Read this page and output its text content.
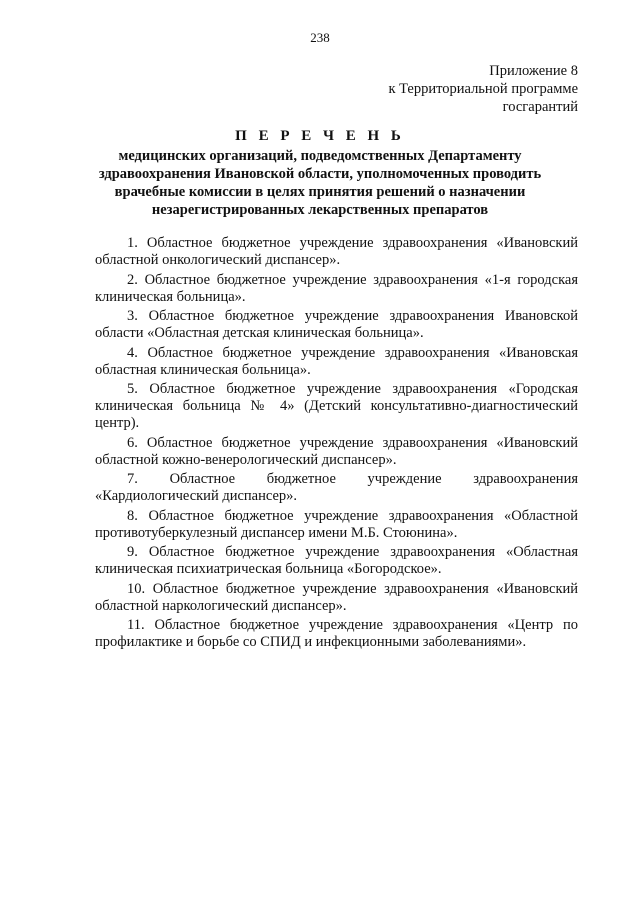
238
Приложение 8
к Территориальной программе
госгарантий
П Е Р Е Ч Е Н Ь
медицинских организаций, подведомственных Департаменту
здравоохранения Ивановской области, уполномоченных проводить
врачебные комиссии в целях принятия решений о назначении
незарегистрированных лекарственных препаратов

1. Областное бюджетное учреждение здравоохранения «Ивановский областной онкологический диспансер».

2. Областное бюджетное учреждение здравоохранения «1-я городская клиническая больница».

3. Областное бюджетное учреждение здравоохранения Ивановской области «Областная детская клиническая больница».

4. Областное бюджетное учреждение здравоохранения «Ивановская областная клиническая больница».

5. Областное бюджетное учреждение здравоохранения «Городская клиническая больница № 4» (Детский консультативно-диагностический центр).

6. Областное бюджетное учреждение здравоохранения «Ивановский областной кожно-венерологический диспансер».

7. Областное бюджетное учреждение здравоохранения «Кардиологический диспансер».

8. Областное бюджетное учреждение здравоохранения «Областной противотуберкулезный диспансер имени М.Б. Стоюнина».

9. Областное бюджетное учреждение здравоохранения «Областная клиническая психиатрическая больница «Богородское».

10. Областное бюджетное учреждение здравоохранения «Ивановский областной наркологический диспансер».

11. Областное бюджетное учреждение здравоохранения «Центр по профилактике и борьбе со СПИД и инфекционными заболеваниями».
